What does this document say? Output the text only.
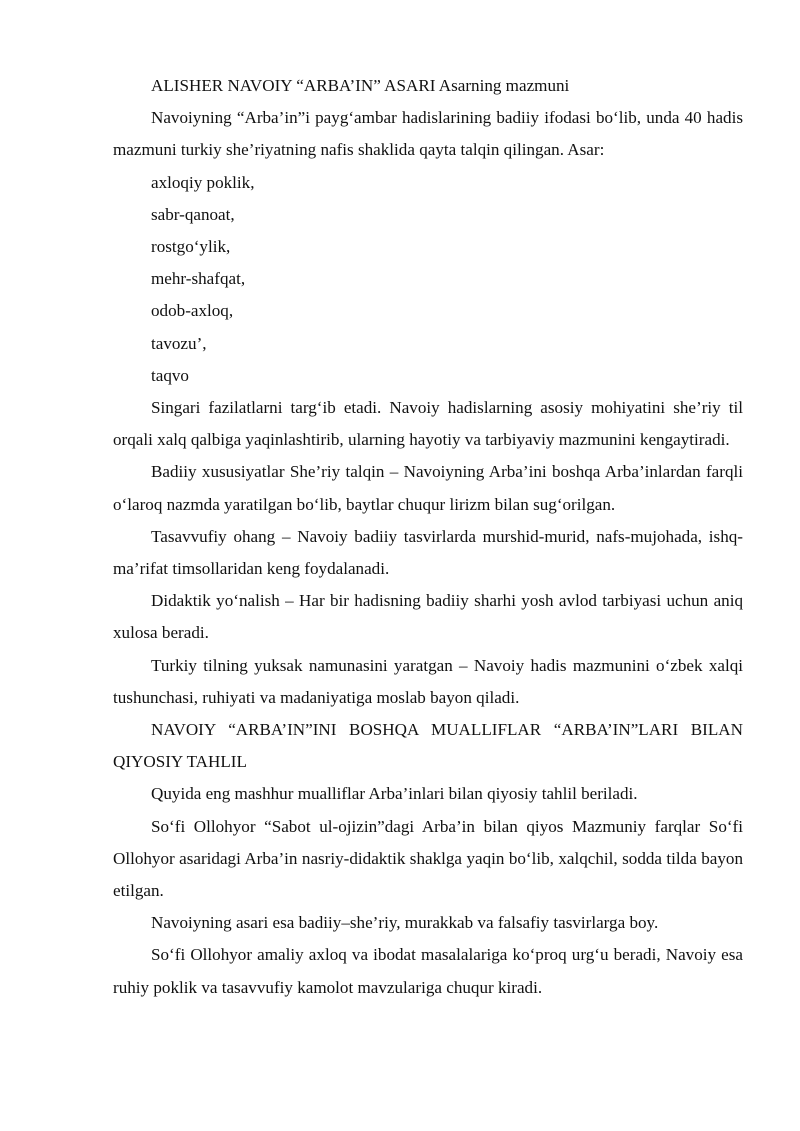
ALISHER NAVOIY “ARBA’IN” ASARI Asarning mazmuni

Navoiyning “Arba’in”i payg‘ambar hadislarining badiiy ifodasi bo‘lib, unda 40 hadis mazmuni turkiy she’riyatning nafis shaklida qayta talqin qilingan. Asar:

axloqiy poklik,
sabr-qanoat,
rostgo‘ylik,
mehr-shafqat,
odob-axloq,
tavozu’,
taqvo

Singari fazilatlarni targ‘ib etadi. Navoiy hadislarning asosiy mohiyatini she’riy til orqali xalq qalbiga yaqinlashtirib, ularning hayotiy va tarbiyaviy mazmunini kengaytiradi.

Badiiy xususiyatlar She’riy talqin – Navoiyning Arba’ini boshqa Arba’inlardan farqli o‘laroq nazmda yaratilgan bo‘lib, baytlar chuqur lirizm bilan sug‘orilgan.

Tasavvufiy ohang – Navoiy badiiy tasvirlarda murshid-murid, nafs-mujohada, ishq-ma’rifat timsollaridan keng foydalanadi.

Didaktik yo‘nalish – Har bir hadisning badiiy sharhi yosh avlod tarbiyasi uchun aniq xulosa beradi.

Turkiy tilning yuksak namunasini yaratgan – Navoiy hadis mazmunini o‘zbek xalqi tushunchasi, ruhiyati va madaniyatiga moslab bayon qiladi.

NAVOIY “ARBA’IN”INI BOSHQA MUALLIFLAR “ARBA’IN”LARI BILAN QIYOSIY TAHLIL

Quyida eng mashhur mualliflar Arba’inlari bilan qiyosiy tahlil beriladi.

So‘fi Ollohyor “Sabot ul-ojizin”dagi Arba’in bilan qiyos Mazmuniy farqlar So‘fi Ollohyor asaridagi Arba’in nasriy-didaktik shaklga yaqin bo‘lib, xalqchil, sodda tilda bayon etilgan.

Navoiyning asari esa badiiy–she’riy, murakkab va falsafiy tasvirlarga boy.

So‘fi Ollohyor amaliy axloq va ibodat masalalariga ko‘proq urg‘u beradi, Navoiy esa ruhiy poklik va tasavvufiy kamolot mavzulariga chuqur kiradi.
